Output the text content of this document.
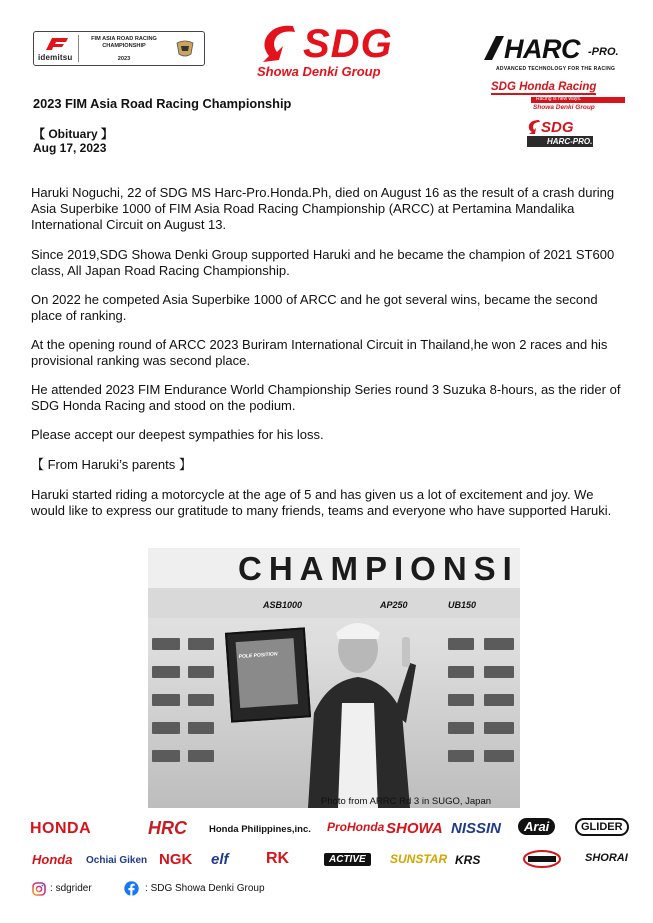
idemitsu
FIM ASIA ROAD RACING CHAMPIONSHIP
2023	SDG
Showa Denki Group
HARC -PRO.
ADVANCED TECHNOLOGY FOR THE RACING
SDG Honda Racing
Racing is new ways.
Showa Denki Group
SDG
HARC-PRO.
2023 FIM Asia Road Racing Championship
【 Obituary 】
Aug 17, 2023
Haruki Noguchi, 22 of SDG MS Harc-Pro.Honda.Ph, died on August 16 as the result of a crash during Asia Superbike 1000 of FIM Asia Road Racing Championship (ARCC) at Pertamina Mandalika International Circuit on August 13.
Since 2019,SDG Showa Denki Group supported Haruki and he became the champion of 2021 ST600 class, All Japan Road Racing Championship.
On 2022 he competed Asia Superbike 1000 of ARCC and he got several wins, became the second place of ranking.
At the opening round of ARCC 2023 Buriram International Circuit in Thailand,he won 2 races and his provisional ranking was second place.
He attended 2023 FIM Endurance World Championship Series round 3 Suzuka 8-hours, as the rider of SDG Honda Racing and stood on the podium.
Please accept our deepest sympathies for his loss.
【 From Haruki’s parents 】
Haruki started riding a motorcycle at the age of 5 and has given us a lot of excitement and joy. We would like to express our gratitude to many friends, teams and everyone who have supported Haruki.
CHAMPIONSI
ASB1000	AP250	UB150
POLE POSITION
Photo from ARRC Rd 3 in SUGO, Japan
HONDA	HRC Honda Philippines,inc. ProHonda SHOWA NISSIN	Arai	GLIDER
Honda Ochiai Giken NGK elf RK	ACTIVE	SUNSTAR KRS	SHORAI
: sdgrider	: SDG Showa Denki Group
